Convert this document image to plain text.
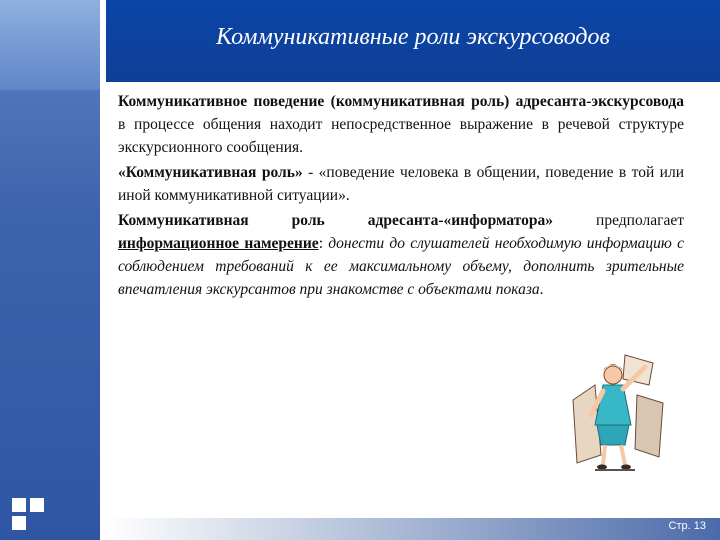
Коммуникативные роли экскурсоводов

Коммуникативное поведение (коммуникативная роль) адресанта-экскурсовода в процессе общения находит непосредственное выражение в речевой структуре экскурсионного сообщения.

«Коммуникативная роль» - «поведение человека в общении, поведение в той или иной коммуникативной ситуации».

Коммуникативная роль адресанта-«информатора» предполагает информационное намерение: донести до слушателей необходимую информацию с соблюдением требований к ее максимальному объему, дополнить зрительные впечатления экскурсантов при знакомстве с объектами показа.

Стр. 13
